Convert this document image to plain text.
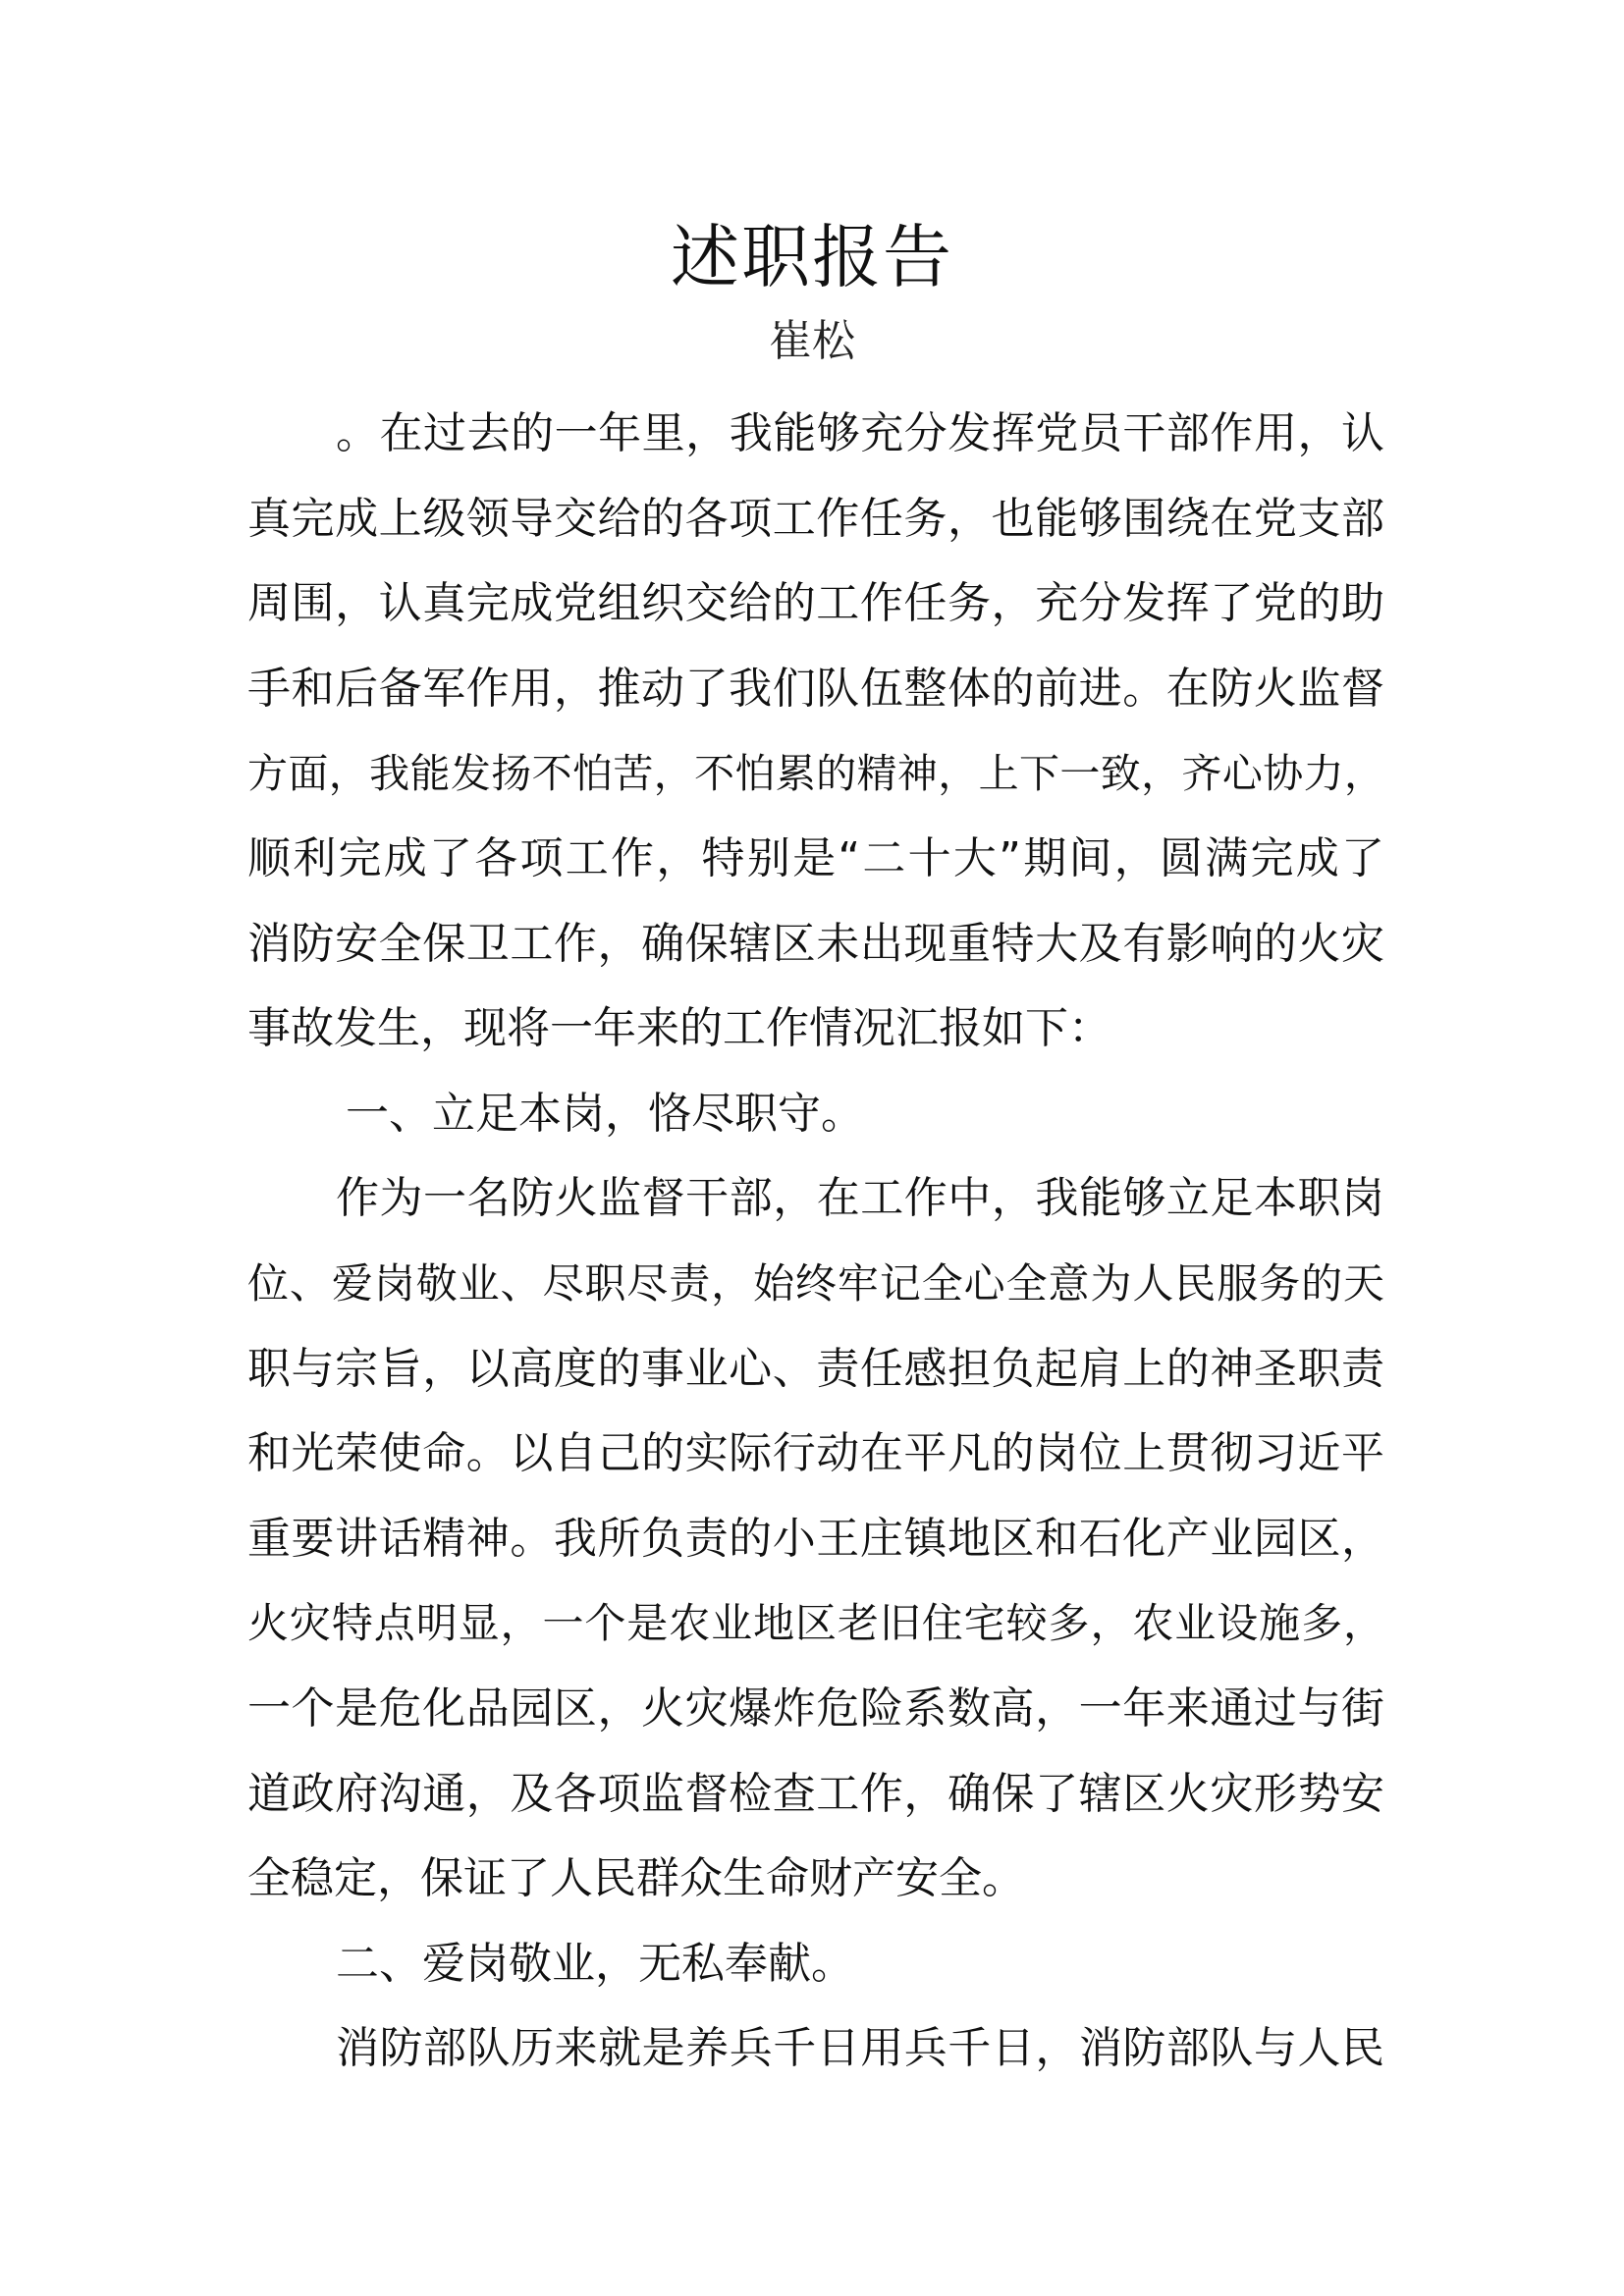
述职报告
崔松
。在过去的一年里，我能够充分发挥党员干部作用，认
真完成上级领导交给的各项工作任务，也能够围绕在党支部
周围，认真完成党组织交给的工作任务，充分发挥了党的助
手和后备军作用，推动了我们队伍整体的前进。在防火监督
方面，我能发扬不怕苦，不怕累的精神，上下一致，齐心协力，
顺利完成了各项工作，特别是“二十大”期间，圆满完成了
消防安全保卫工作，确保辖区未出现重特大及有影响的火灾
事故发生，现将一年来的工作情况汇报如下：
一、立足本岗，恪尽职守。
作为一名防火监督干部，在工作中，我能够立足本职岗
位、爱岗敬业、尽职尽责，始终牢记全心全意为人民服务的天
职与宗旨，以高度的事业心、责任感担负起肩上的神圣职责
和光荣使命。以自己的实际行动在平凡的岗位上贯彻习近平
重要讲话精神。我所负责的小王庄镇地区和石化产业园区，
火灾特点明显，一个是农业地区老旧住宅较多，农业设施多，
一个是危化品园区，火灾爆炸危险系数高，一年来通过与街
道政府沟通，及各项监督检查工作，确保了辖区火灾形势安
全稳定，保证了人民群众生命财产安全。
二、爱岗敬业，无私奉献。
消防部队历来就是养兵千日用兵千日，消防部队与人民
